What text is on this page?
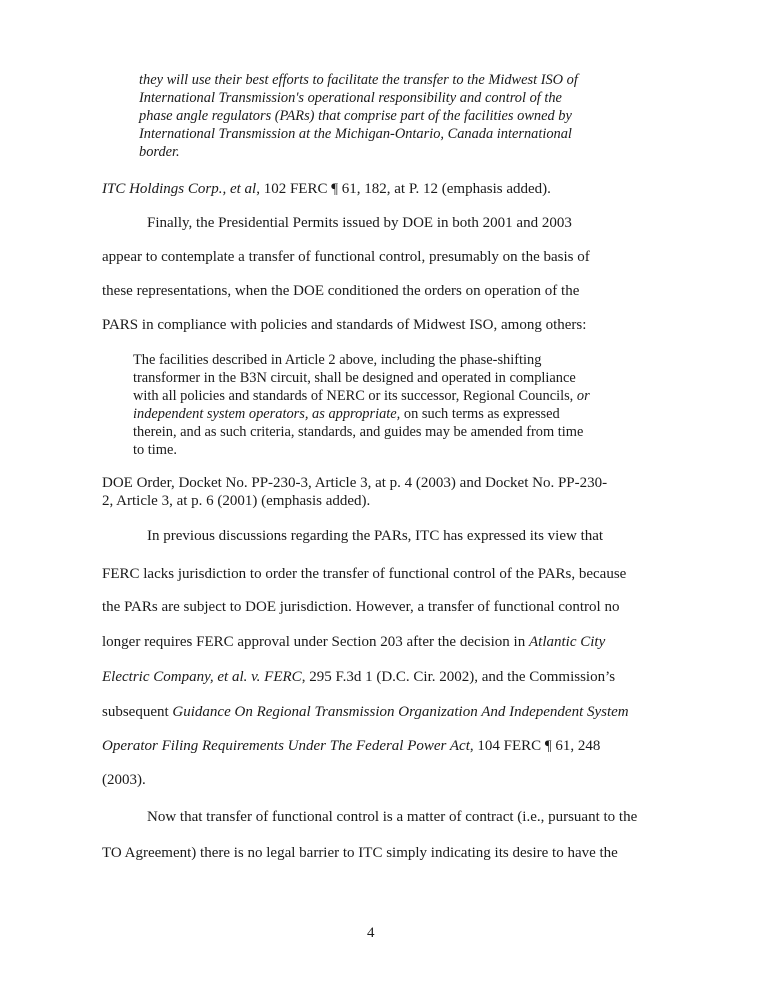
they will use their best efforts to facilitate the transfer to the Midwest ISO of
International Transmission's operational responsibility and control of the
phase angle regulators (PARs) that comprise part of the facilities owned by
International Transmission at the Michigan-Ontario, Canada international
border.
ITC Holdings Corp., et al, 102 FERC ¶ 61, 182, at P. 12 (emphasis added).
Finally, the Presidential Permits issued by DOE in both 2001 and 2003
appear to contemplate a transfer of functional control, presumably on the basis of
these representations, when the DOE conditioned the orders on operation of the
PARS in compliance with policies and standards of Midwest ISO, among others:
The facilities described in Article 2 above, including the phase-shifting
transformer in the B3N circuit, shall be designed and operated in compliance
with all policies and standards of NERC or its successor, Regional Councils, or
independent system operators, as appropriate, on such terms as expressed
therein, and as such criteria, standards, and guides may be amended from time
to time.
DOE Order, Docket No. PP-230-3, Article 3, at p. 4 (2003) and Docket No. PP-230-
2, Article 3, at p. 6 (2001) (emphasis added).
In previous discussions regarding the PARs, ITC has expressed its view that
FERC lacks jurisdiction to order the transfer of functional control of the PARs, because
the PARs are subject to DOE jurisdiction. However, a transfer of functional control no
longer requires FERC approval under Section 203 after the decision in Atlantic City
Electric Company, et al. v. FERC, 295 F.3d 1 (D.C. Cir. 2002), and the Commission’s
subsequent Guidance On Regional Transmission Organization And Independent System
Operator Filing Requirements Under The Federal Power Act, 104 FERC ¶ 61, 248
(2003).
Now that transfer of functional control is a matter of contract (i.e., pursuant to the
TO Agreement) there is no legal barrier to ITC simply indicating its desire to have the
4
